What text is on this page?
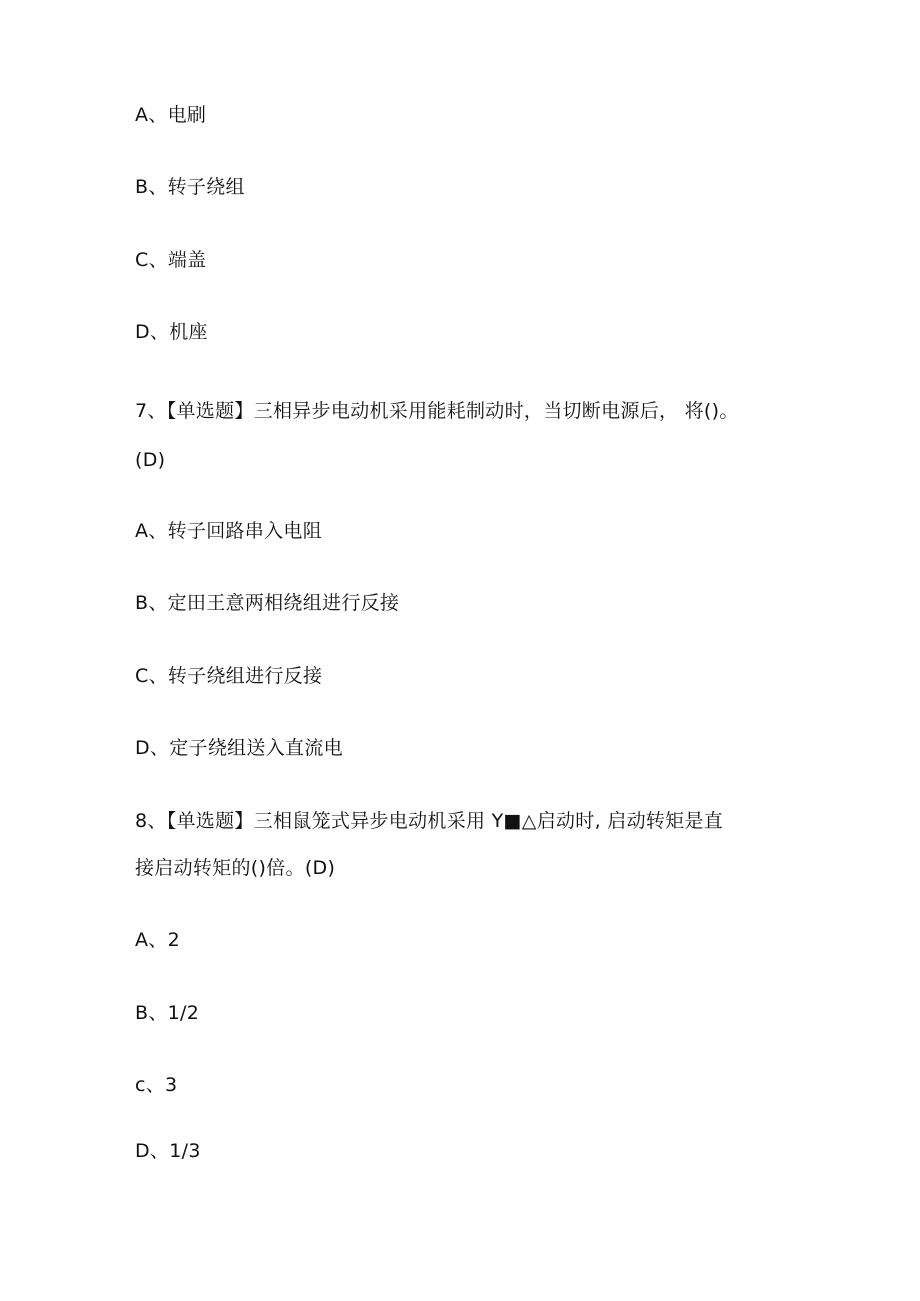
A、电刷
B、转子绕组
C、端盖
D、机座
7、【单选题】三相异步电动机采用能耗制动时，当切断电源后， 将()。
(D)
A、转子回路串入电阻
B、定田王意两相绕组进行反接
C、转子绕组进行反接
D、定子绕组送入直流电
8、【单选题】三相鼠笼式异步电动机采用 Y■△启动时, 启动转矩是直
接启动转矩的()倍。(D)
A、2
B、1/2
c、3
D、1/3
